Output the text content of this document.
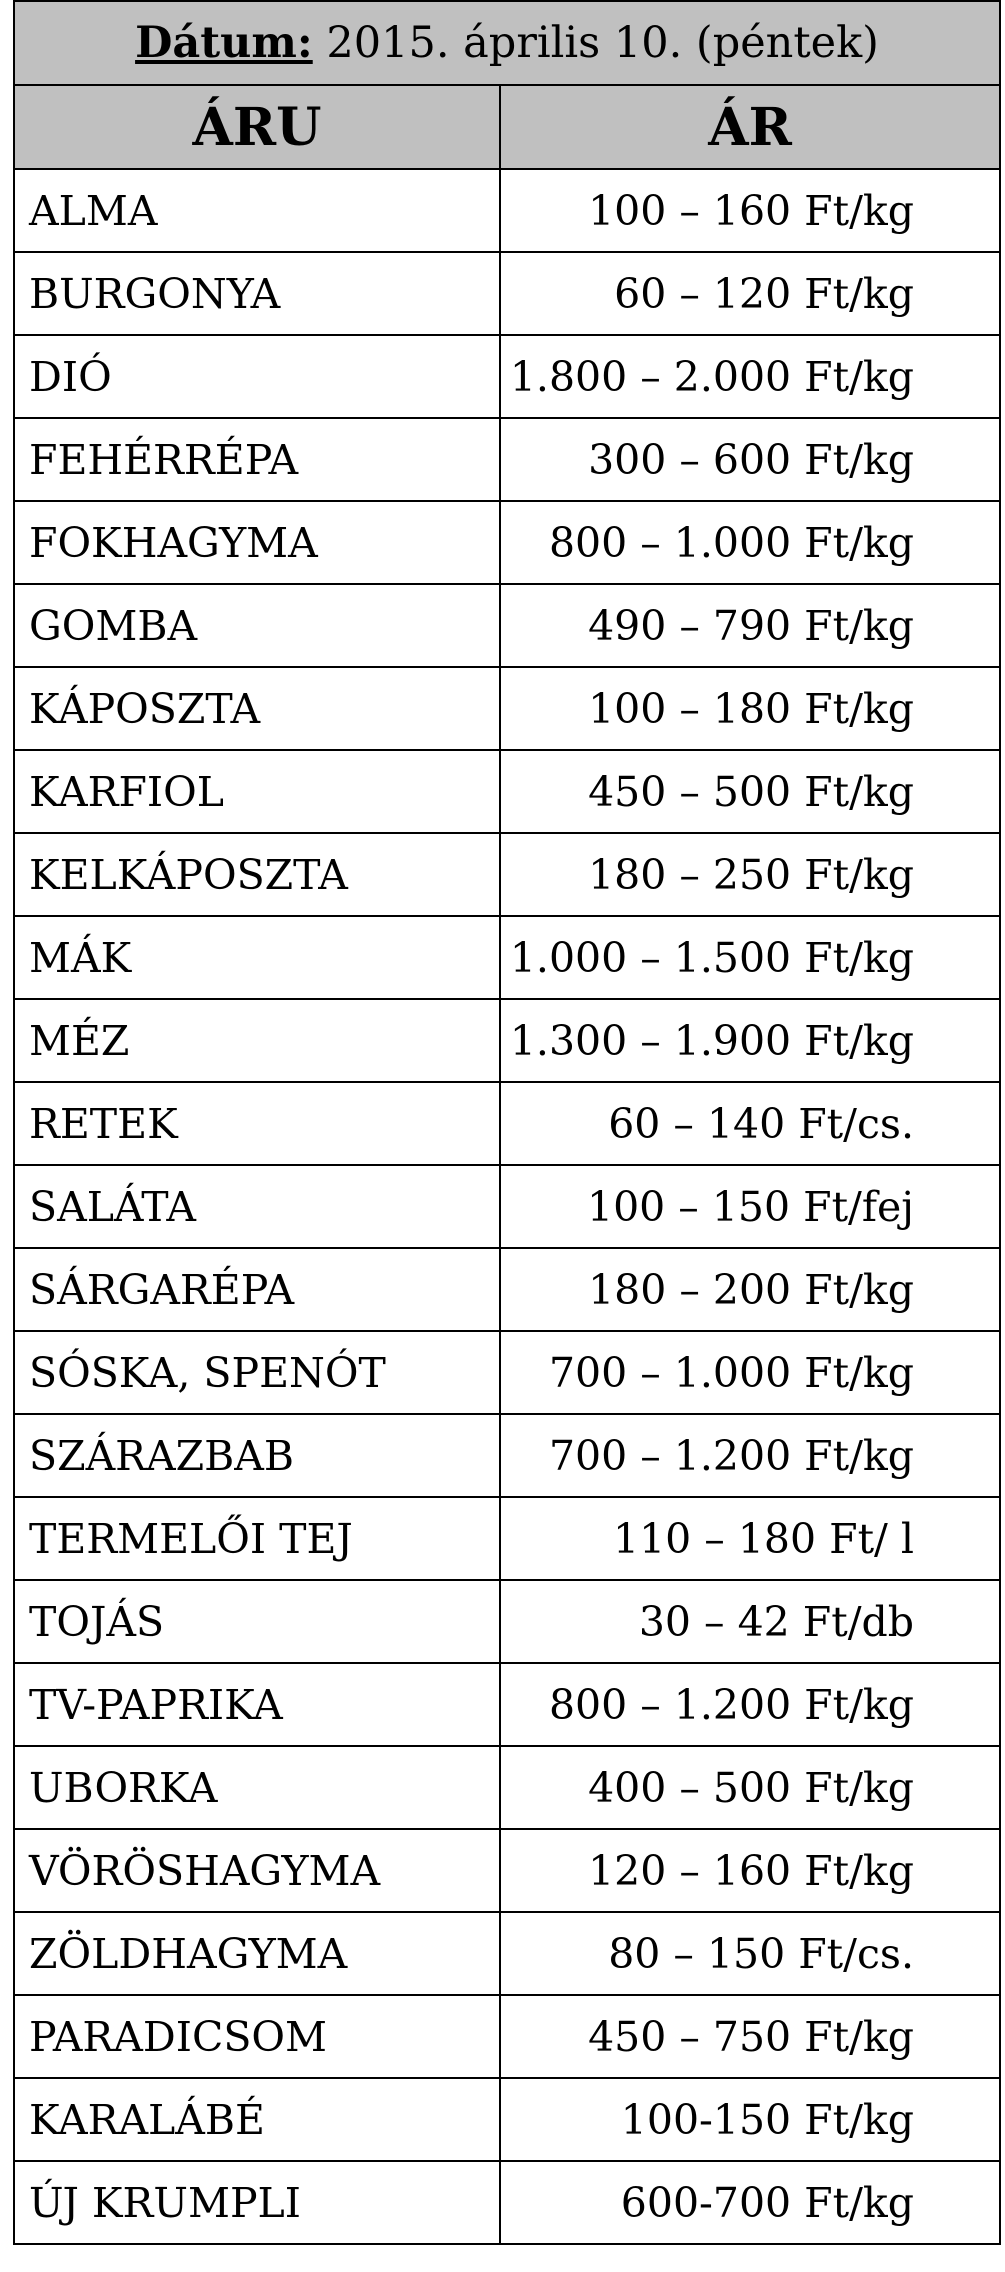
Dátum: 2015. április 10. (péntek)	
ÁRU	ÁR
ALMA	100 – 160 Ft/kg
BURGONYA	60 – 120 Ft/kg
DIÓ	1.800 – 2.000 Ft/kg
FEHÉRRÉPA	300 – 600 Ft/kg
FOKHAGYMA	800 – 1.000 Ft/kg
GOMBA	490 – 790 Ft/kg
KÁPOSZTA	100 – 180 Ft/kg
KARFIOL	450 – 500 Ft/kg
KELKÁPOSZTA	180 – 250 Ft/kg
MÁK	1.000 – 1.500 Ft/kg
MÉZ	1.300 – 1.900 Ft/kg
RETEK	60 – 140 Ft/cs.
SALÁTA	100 – 150 Ft/fej
SÁRGARÉPA	180 – 200 Ft/kg
SÓSKA, SPENÓT	700 – 1.000 Ft/kg
SZÁRAZBAB	700 – 1.200 Ft/kg
TERMELŐI TEJ	110 – 180 Ft/ l
TOJÁS	30 – 42 Ft/db
TV-PAPRIKA	800 – 1.200 Ft/kg
UBORKA	400 – 500 Ft/kg
VÖRÖSHAGYMA	120 – 160 Ft/kg
ZÖLDHAGYMA	80 – 150 Ft/cs.
PARADICSOM	450 – 750 Ft/kg
KARALÁBÉ	100-150 Ft/kg
ÚJ KRUMPLI	600-700 Ft/kg
